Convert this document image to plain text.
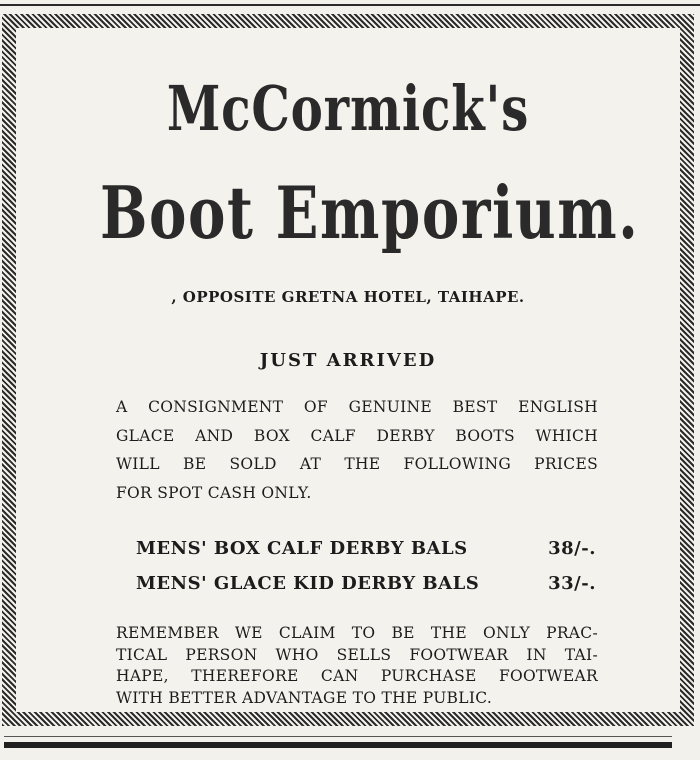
McCormick's
Boot Emporium.
, OPPOSITE GRETNA HOTEL, TAIHAPE.
JUST ARRIVED
A CONSIGNMENT OF GENUINE BEST ENGLISH
GLACE AND BOX CALF DERBY BOOTS WHICH
WILL BE SOLD AT THE FOLLOWING PRICES
FOR SPOT CASH ONLY.
MENS' BOX CALF DERBY BALS	38/-.
MENS' GLACE KID DERBY BALS	33/-.
REMEMBER WE CLAIM TO BE THE ONLY PRAC-
TICAL PERSON WHO SELLS FOOTWEAR IN TAI-
HAPE, THEREFORE CAN PURCHASE FOOTWEAR
WITH BETTER ADVANTAGE TO THE PUBLIC.
